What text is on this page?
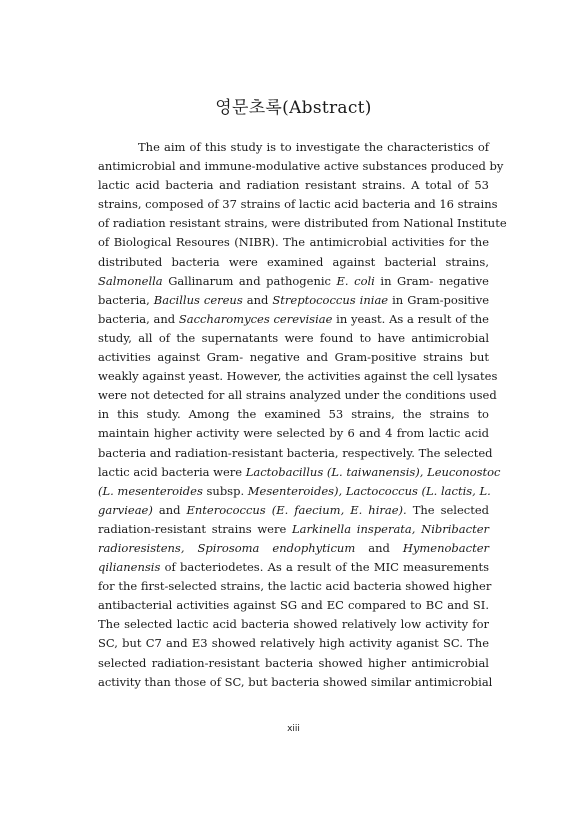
영문초록(Abstract)
The aim of this study is to investigate the characteristics of
antimicrobial and immune-modulative active substances produced by
lactic acid bacteria and radiation resistant strains. A total of 53
strains, composed of 37 strains of lactic acid bacteria and 16 strains
of radiation resistant strains, were distributed from National Institute
of Biological Resoures (NIBR). The antimicrobial activities for the
distributed bacteria were examined against bacterial strains,
Salmonella Gallinarum and pathogenic E. coli in Gram- negative
bacteria, Bacillus cereus and Streptococcus iniae in Gram-positive
bacteria, and Saccharomyces cerevisiae in yeast. As a result of the
study, all of the supernatants were found to have antimicrobial
activities against Gram- negative and Gram-positive strains but
weakly against yeast. However, the activities against the cell lysates
were not detected for all strains analyzed under the conditions used
in this study. Among the examined 53 strains, the strains to
maintain higher activity were selected by 6 and 4 from lactic acid
bacteria and radiation-resistant bacteria, respectively. The selected
lactic acid bacteria were Lactobacillus (L. taiwanensis), Leuconostoc
(L. mesenteroides subsp. Mesenteroides), Lactococcus (L. lactis, L.
garvieae) and Enterococcus (E. faecium, E. hirae). The selected
radiation-resistant strains were Larkinella insperata, Nibribacter
radioresistens, Spirosoma endophyticum and Hymenobacter
qilianensis of bacteriodetes. As a result of the MIC measurements
for the first-selected strains, the lactic acid bacteria showed higher
antibacterial activities against SG and EC compared to BC and SI.
The selected lactic acid bacteria showed relatively low activity for
SC, but C7 and E3 showed relatively high activity aganist SC. The
selected radiation-resistant bacteria showed higher antimicrobial
activity than those of SC, but bacteria showed similar antimicrobial
xiii
